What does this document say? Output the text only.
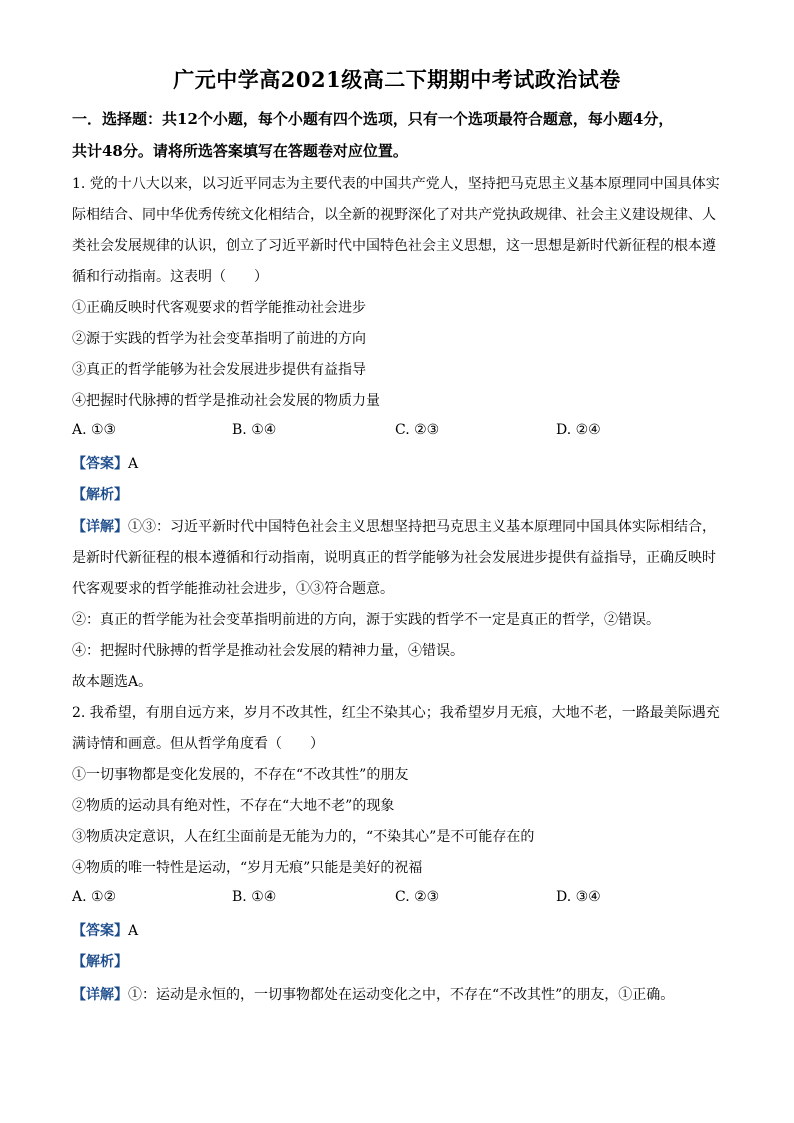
广元中学高2021级高二下期期中考试政治试卷
一．选择题：共12个小题，每个小题有四个选项，只有一个选项最符合题意，每小题4分，
共计48分。请将所选答案填写在答题卷对应位置。
1. 党的十八大以来，以习近平同志为主要代表的中国共产党人，坚持把马克思主义基本原理同中国具体实
际相结合、同中华优秀传统文化相结合，以全新的视野深化了对共产党执政规律、社会主义建设规律、人
类社会发展规律的认识，创立了习近平新时代中国特色社会主义思想，这一思想是新时代新征程的根本遵
循和行动指南。这表明（　　）
①正确反映时代客观要求的哲学能推动社会进步
②源于实践的哲学为社会变革指明了前进的方向
③真正的哲学能够为社会发展进步提供有益指导
④把握时代脉搏的哲学是推动社会发展的物质力量
A. ①③	B. ①④	C. ②③	D. ②④
【答案】A
【解析】
【详解】①③：习近平新时代中国特色社会主义思想坚持把马克思主义基本原理同中国具体实际相结合，
是新时代新征程的根本遵循和行动指南，说明真正的哲学能够为社会发展进步提供有益指导，正确反映时
代客观要求的哲学能推动社会进步，①③符合题意。
②：真正的哲学能为社会变革指明前进的方向，源于实践的哲学不一定是真正的哲学，②错误。
④：把握时代脉搏的哲学是推动社会发展的精神力量，④错误。
故本题选A。
2. 我希望，有朋自远方来，岁月不改其性，红尘不染其心；我希望岁月无痕，大地不老，一路最美际遇充
满诗情和画意。但从哲学角度看（　　）
①一切事物都是变化发展的，不存在“不改其性”的朋友
②物质的运动具有绝对性，不存在“大地不老”的现象
③物质决定意识，人在红尘面前是无能为力的，“不染其心”是不可能存在的
④物质的唯一特性是运动，“岁月无痕”只能是美好的祝福
A. ①②	B. ①④	C. ②③	D. ③④
【答案】A
【解析】
【详解】①：运动是永恒的，一切事物都处在运动变化之中，不存在“不改其性”的朋友，①正确。
